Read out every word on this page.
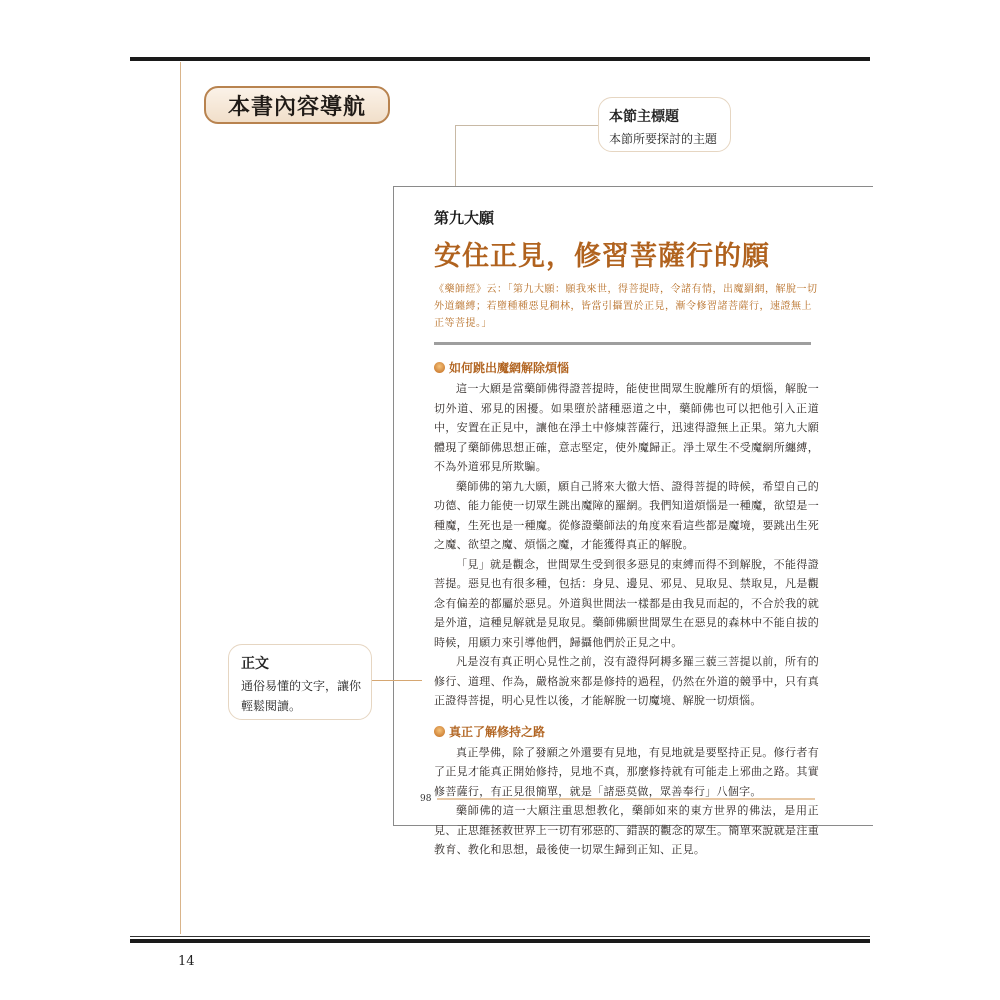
本書內容導航	本節主標題
本節所要探討的主題
第九大願
安住正見，修習菩薩行的願
《藥師經》云：「第九大願：願我來世，得菩提時，令諸有情，出魔羂網，解脫一切外道纏縛；若墮種種惡見稠林，皆當引攝置於正見，漸令修習諸菩薩行，速證無上正等菩提。」
如何跳出魔網解除煩惱

這一大願是當藥師佛得證菩提時，能使世間眾生脫離所有的煩惱，解脫一切外道、邪見的困擾。如果墮於諸種惡道之中，藥師佛也可以把他引入正道中，安置在正見中，讓他在淨土中修煉菩薩行，迅速得證無上正果。第九大願體現了藥師佛思想正確，意志堅定，使外魔歸正。淨土眾生不受魔網所纏縛，不為外道邪見所欺騙。

藥師佛的第九大願，願自己將來大徹大悟、證得菩提的時候，希望自己的功德、能力能使一切眾生跳出魔障的羅網。我們知道煩惱是一種魔，欲望是一種魔，生死也是一種魔。從修證藥師法的角度來看這些都是魔境，要跳出生死之魔、欲望之魔、煩惱之魔，才能獲得真正的解脫。

「見」就是觀念，世間眾生受到很多惡見的束縛而得不到解脫，不能得證菩提。惡見也有很多種，包括：身見、邊見、邪見、見取見、禁取見，凡是觀念有偏差的都屬於惡見。外道與世間法一樣都是由我見而起的，不合於我的就是外道，這種見解就是見取見。藥師佛願世間眾生在惡見的森林中不能自拔的時候，用願力來引導他們，歸攝他們於正見之中。

凡是沒有真正明心見性之前，沒有證得阿耨多羅三藐三菩提以前，所有的修行、道理、作為，嚴格說來都是修持的過程，仍然在外道的競爭中，只有真正證得菩提，明心見性以後，才能解脫一切魔境、解脫一切煩惱。

真正了解修持之路

真正學佛，除了發願之外還要有見地，有見地就是要堅持正見。修行者有了正見才能真正開始修持，見地不真，那麼修持就有可能走上邪曲之路。其實修菩薩行，有正見很簡單，就是「諸惡莫做，眾善奉行」八個字。

藥師佛的這一大願注重思想教化，藥師如來的東方世界的佛法，是用正見、正思維拯救世界上一切有邪惡的、錯誤的觀念的眾生。簡單來說就是注重教育、教化和思想，最後使一切眾生歸到正知、正見。

98
正文
通俗易懂的文字，讓你輕鬆閱讀。
14
